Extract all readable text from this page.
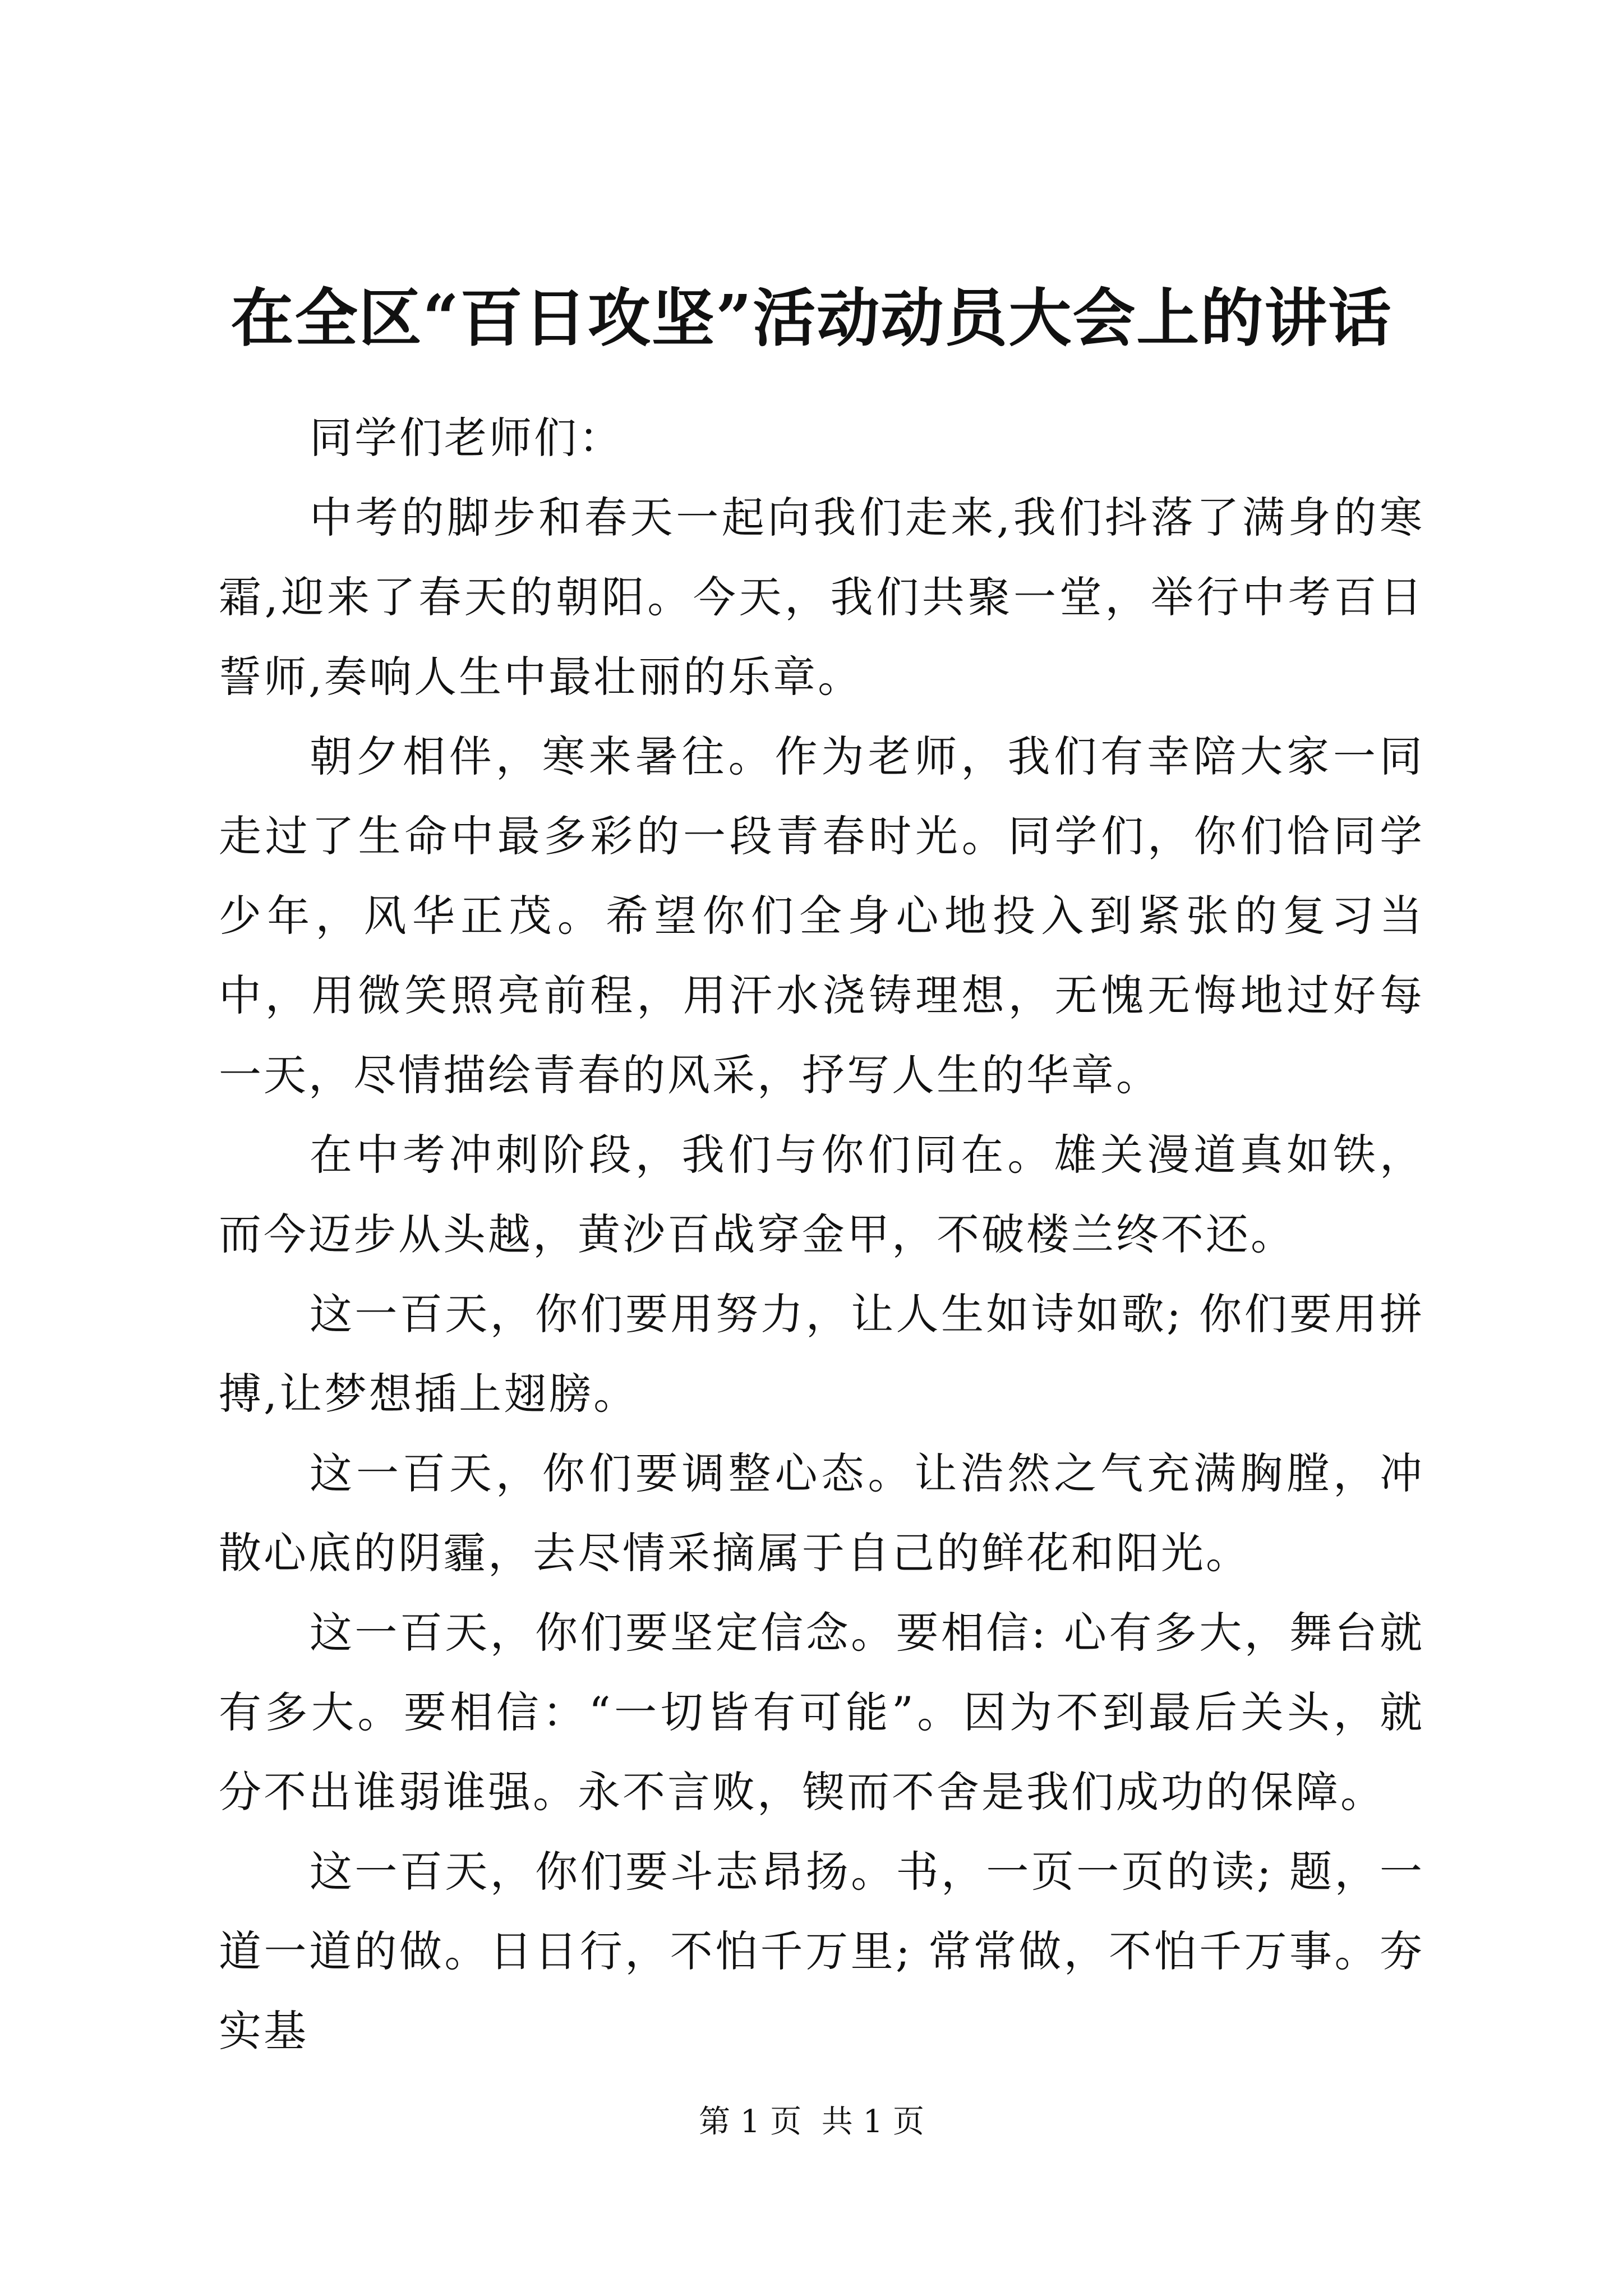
在全区“百日攻坚”活动动员大会上的讲话

同学们老师们：

中考的脚步和春天一起向我们走来,我们抖落了满身的寒霜,迎来了春天的朝阳。今天，我们共聚一堂，举行中考百日誓师,奏响人生中最壮丽的乐章。

朝夕相伴，寒来暑往。作为老师，我们有幸陪大家一同走过了生命中最多彩的一段青春时光。同学们，你们恰同学少年，风华正茂。希望你们全身心地投入到紧张的复习当中，用微笑照亮前程，用汗水浇铸理想，无愧无悔地过好每一天，尽情描绘青春的风采，抒写人生的华章。

在中考冲刺阶段，我们与你们同在。雄关漫道真如铁，而今迈步从头越，黄沙百战穿金甲，不破楼兰终不还。

这一百天，你们要用努力，让人生如诗如歌; 你们要用拼搏,让梦想插上翅膀。

这一百天，你们要调整心态。让浩然之气充满胸膛，冲散心底的阴霾，去尽情采摘属于自己的鲜花和阳光。

这一百天，你们要坚定信念。要相信: 心有多大，舞台就有多大。要相信：“一切皆有可能”。因为不到最后关头，就分不出谁弱谁强。永不言败，锲而不舍是我们成功的保障。

这一百天，你们要斗志昂扬。书，一页一页的读; 题，一道一道的做。日日行，不怕千万里; 常常做，不怕千万事。夯实基

第 1 页  共 1 页
